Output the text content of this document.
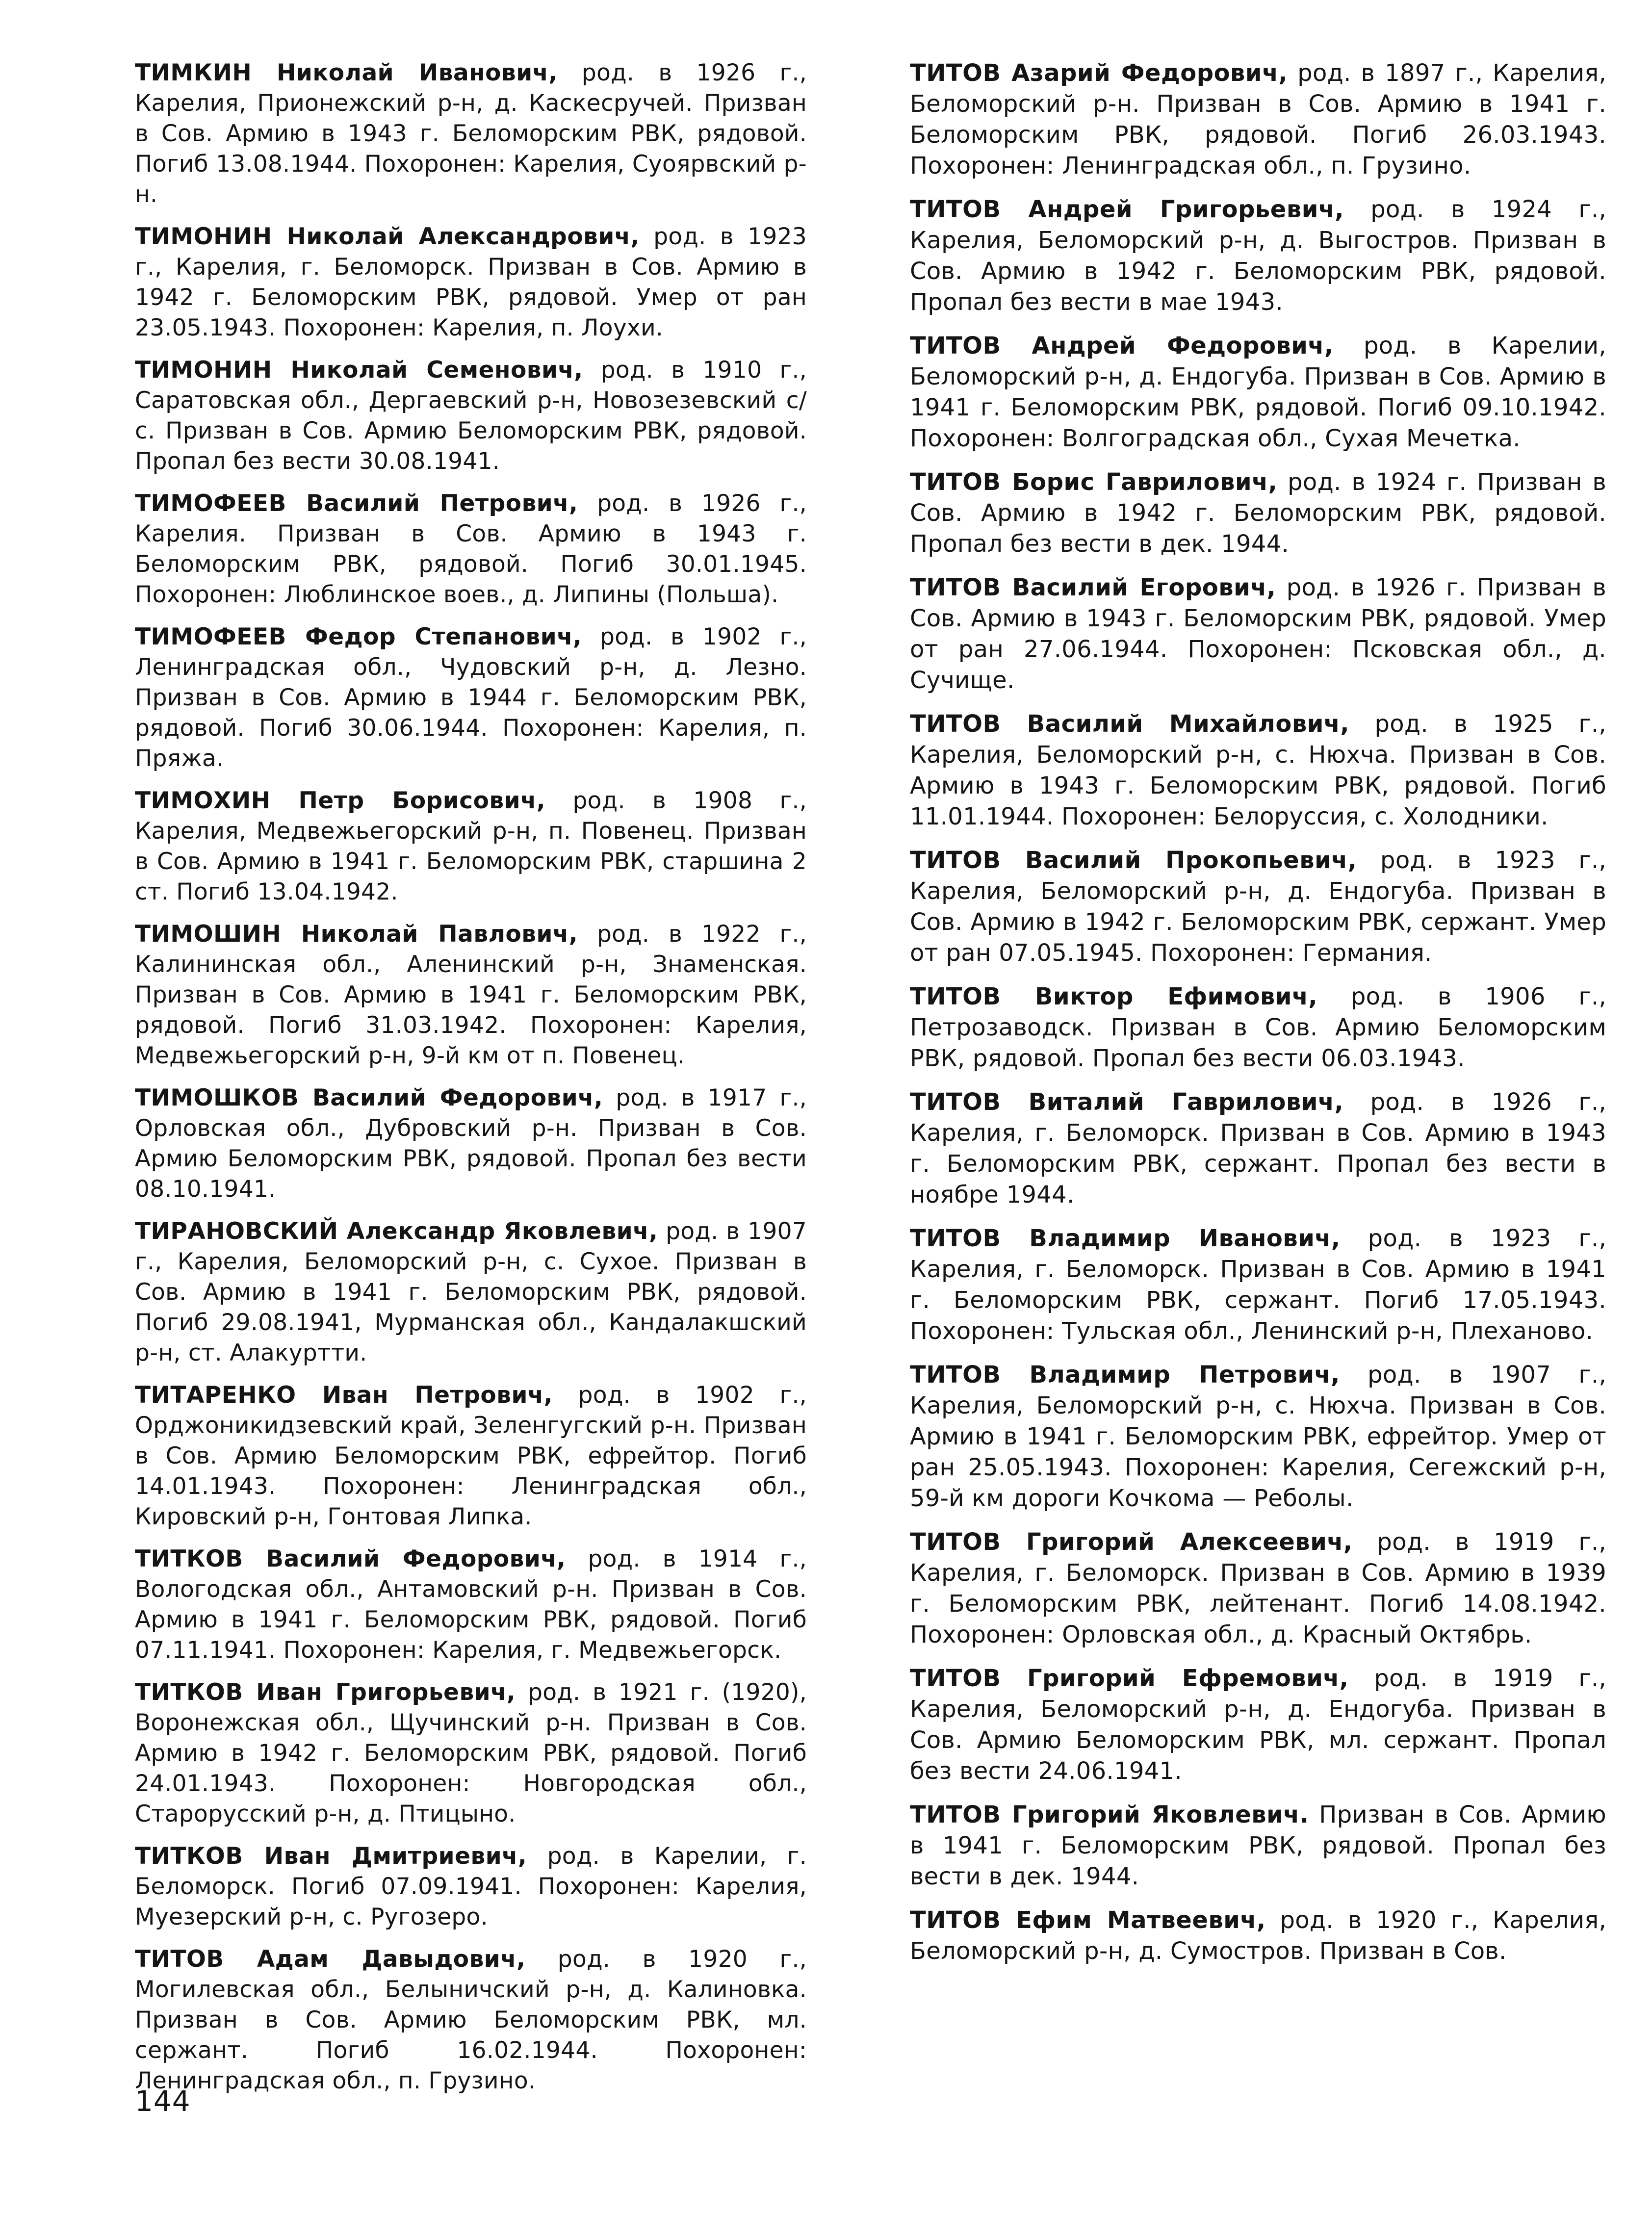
ТИМКИН Николай Иванович, род. в 1926 г., Карелия, Прионежский р-н, д. Каскесручей. Призван в Сов. Армию в 1943 г. Беломорским РВК, рядовой. Погиб 13.08.1944. Похоронен: Карелия, Суоярвский р-н.

ТИМОНИН Николай Александрович, род. в 1923 г., Карелия, г. Беломорск. Призван в Сов. Армию в 1942 г. Беломорским РВК, рядовой. Умер от ран 23.05.1943. Похоронен: Карелия, п. Лоухи.

ТИМОНИН Николай Семенович, род. в 1910 г., Саратовская обл., Дергаевский р-н, Новозезевский с/с. Призван в Сов. Армию Беломорским РВК, рядовой. Пропал без вести 30.08.1941.

ТИМОФЕЕВ Василий Петрович, род. в 1926 г., Карелия. Призван в Сов. Армию в 1943 г. Беломорским РВК, рядовой. Погиб 30.01.1945. Похоронен: Люблинское воев., д. Липины (Польша).

ТИМОФЕЕВ Федор Степанович, род. в 1902 г., Ленинградская обл., Чудовский р-н, д. Лезно. Призван в Сов. Армию в 1944 г. Беломорским РВК, рядовой. Погиб 30.06.1944. Похоронен: Карелия, п. Пряжа.

ТИМОХИН Петр Борисович, род. в 1908 г., Карелия, Медвежьегорский р-н, п. Повенец. Призван в Сов. Армию в 1941 г. Беломорским РВК, старшина 2 ст. Погиб 13.04.1942.

ТИМОШИН Николай Павлович, род. в 1922 г., Калининская обл., Аленинский р-н, Знаменская. Призван в Сов. Армию в 1941 г. Беломорским РВК, рядовой. Погиб 31.03.1942. Похоронен: Карелия, Медвежьегорский р-н, 9-й км от п. Повенец.

ТИМОШКОВ Василий Федорович, род. в 1917 г., Орловская обл., Дубровский р-н. Призван в Сов. Армию Беломорским РВК, рядовой. Пропал без вести 08.10.1941.

ТИРАНОВСКИЙ Александр Яковлевич, род. в 1907 г., Карелия, Беломорский р-н, с. Сухое. Призван в Сов. Армию в 1941 г. Беломорским РВК, рядовой. Погиб 29.08.1941, Мурманская обл., Кандалакшский р-н, ст. Алакуртти.

ТИТАРЕНКО Иван Петрович, род. в 1902 г., Орджоникидзевский край, Зеленгугский р-н. Призван в Сов. Армию Беломорским РВК, ефрейтор. Погиб 14.01.1943. Похоронен: Ленинградская обл., Кировский р-н, Гонтовая Липка.

ТИТКОВ Василий Федорович, род. в 1914 г., Вологодская обл., Антамовский р-н. Призван в Сов. Армию в 1941 г. Беломорским РВК, рядовой. Погиб 07.11.1941. Похоронен: Карелия, г. Медвежьегорск.

ТИТКОВ Иван Григорьевич, род. в 1921 г. (1920), Воронежская обл., Щучинский р-н. Призван в Сов. Армию в 1942 г. Беломорским РВК, рядовой. Погиб 24.01.1943. Похоронен: Новгородская обл., Старорусский р-н, д. Птицыно.

ТИТКОВ Иван Дмитриевич, род. в Карелии, г. Беломорск. Погиб 07.09.1941. Похоронен: Карелия, Муезерский р-н, с. Ругозеро.

ТИТОВ Адам Давыдович, род. в 1920 г., Могилевская обл., Белыничский р-н, д. Калиновка. Призван в Сов. Армию Беломорским РВК, мл. сержант. Погиб 16.02.1944. Похоронен: Ленинградская обл., п. Грузино.

ТИТОВ Азарий Федорович, род. в 1897 г., Карелия, Беломорский р-н. Призван в Сов. Армию в 1941 г. Беломорским РВК, рядовой. Погиб 26.03.1943. Похоронен: Ленинградская обл., п. Грузино.

ТИТОВ Андрей Григорьевич, род. в 1924 г., Карелия, Беломорский р-н, д. Выгостров. Призван в Сов. Армию в 1942 г. Беломорским РВК, рядовой. Пропал без вести в мае 1943.

ТИТОВ Андрей Федорович, род. в Карелии, Беломорский р-н, д. Ендогуба. Призван в Сов. Армию в 1941 г. Беломорским РВК, рядовой. Погиб 09.10.1942. Похоронен: Волгоградская обл., Сухая Мечетка.

ТИТОВ Борис Гаврилович, род. в 1924 г. Призван в Сов. Армию в 1942 г. Беломорским РВК, рядовой. Пропал без вести в дек. 1944.

ТИТОВ Василий Егорович, род. в 1926 г. Призван в Сов. Армию в 1943 г. Беломорским РВК, рядовой. Умер от ран 27.06.1944. Похоронен: Псковская обл., д. Сучище.

ТИТОВ Василий Михайлович, род. в 1925 г., Карелия, Беломорский р-н, с. Нюхча. Призван в Сов. Армию в 1943 г. Беломорским РВК, рядовой. Погиб 11.01.1944. Похоронен: Белоруссия, с. Холодники.

ТИТОВ Василий Прокопьевич, род. в 1923 г., Карелия, Беломорский р-н, д. Ендогуба. Призван в Сов. Армию в 1942 г. Беломорским РВК, сержант. Умер от ран 07.05.1945. Похоронен: Германия.

ТИТОВ Виктор Ефимович, род. в 1906 г., Петрозаводск. Призван в Сов. Армию Беломорским РВК, рядовой. Пропал без вести 06.03.1943.

ТИТОВ Виталий Гаврилович, род. в 1926 г., Карелия, г. Беломорск. Призван в Сов. Армию в 1943 г. Беломорским РВК, сержант. Пропал без вести в ноябре 1944.

ТИТОВ Владимир Иванович, род. в 1923 г., Карелия, г. Беломорск. Призван в Сов. Армию в 1941 г. Беломорским РВК, сержант. Погиб 17.05.1943. Похоронен: Тульская обл., Ленинский р-н, Плеханово.

ТИТОВ Владимир Петрович, род. в 1907 г., Карелия, Беломорский р-н, с. Нюхча. Призван в Сов. Армию в 1941 г. Беломорским РВК, ефрейтор. Умер от ран 25.05.1943. Похоронен: Карелия, Сегежский р-н, 59-й км дороги Кочкома — Реболы.

ТИТОВ Григорий Алексеевич, род. в 1919 г., Карелия, г. Беломорск. Призван в Сов. Армию в 1939 г. Беломорским РВК, лейтенант. Погиб 14.08.1942. Похоронен: Орловская обл., д. Красный Октябрь.

ТИТОВ Григорий Ефремович, род. в 1919 г., Карелия, Беломорский р-н, д. Ендогуба. Призван в Сов. Армию Беломорским РВК, мл. сержант. Пропал без вести 24.06.1941.

ТИТОВ Григорий Яковлевич. Призван в Сов. Армию в 1941 г. Беломорским РВК, рядовой. Пропал без вести в дек. 1944.

ТИТОВ Ефим Матвеевич, род. в 1920 г., Карелия, Беломорский р-н, д. Сумостров. Призван в Сов.

144
